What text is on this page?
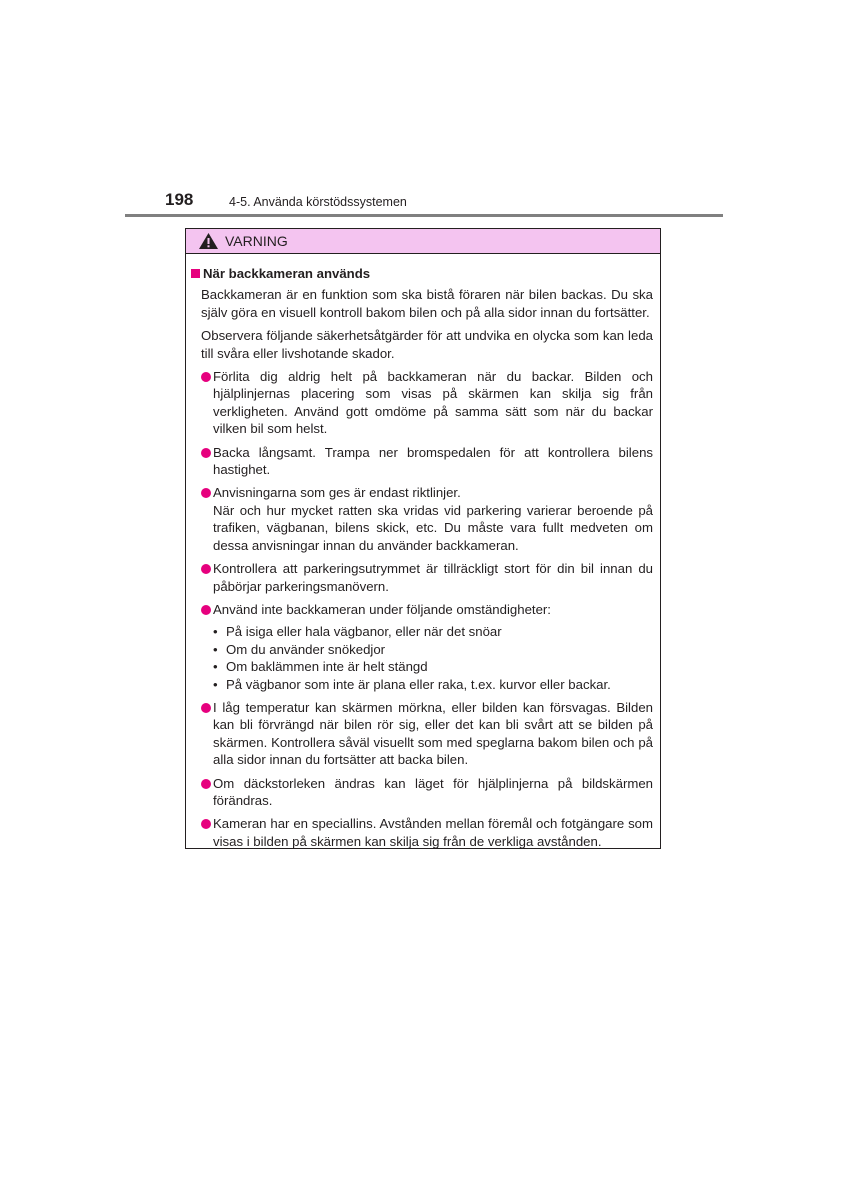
198	4-5. Använda körstödssystemen
VARNING
När backkameran används

Backkameran är en funktion som ska bistå föraren när bilen backas. Du ska själv göra en visuell kontroll bakom bilen och på alla sidor innan du fortsätter.

Observera följande säkerhetsåtgärder för att undvika en olycka som kan leda till svåra eller livshotande skador.

Förlita dig aldrig helt på backkameran när du backar. Bilden och hjälplinjernas placering som visas på skärmen kan skilja sig från verkligheten. Använd gott omdöme på samma sätt som när du backar vilken bil som helst.
Backa långsamt. Trampa ner bromspedalen för att kontrollera bilens hastighet.
Anvisningarna som ges är endast riktlinjer.
När och hur mycket ratten ska vridas vid parkering varierar beroende på trafiken, vägbanan, bilens skick, etc. Du måste vara fullt medveten om dessa anvisningar innan du använder backkameran.
Kontrollera att parkeringsutrymmet är tillräckligt stort för din bil innan du påbörjar parkeringsmanövern.
Använd inte backkameran under följande omständigheter:
• På isiga eller hala vägbanor, eller när det snöar
• Om du använder snökedjor
• Om baklämmen inte är helt stängd
• På vägbanor som inte är plana eller raka, t.ex. kurvor eller backar.
I låg temperatur kan skärmen mörkna, eller bilden kan försvagas. Bilden kan bli förvrängd när bilen rör sig, eller det kan bli svårt att se bilden på skärmen. Kontrollera såväl visuellt som med speglarna bakom bilen och på alla sidor innan du fortsätter att backa bilen.
Om däckstorleken ändras kan läget för hjälplinjerna på bildskärmen förändras.
Kameran har en speciallins. Avstånden mellan föremål och fotgängare som visas i bilden på skärmen kan skilja sig från de verkliga avstånden.
